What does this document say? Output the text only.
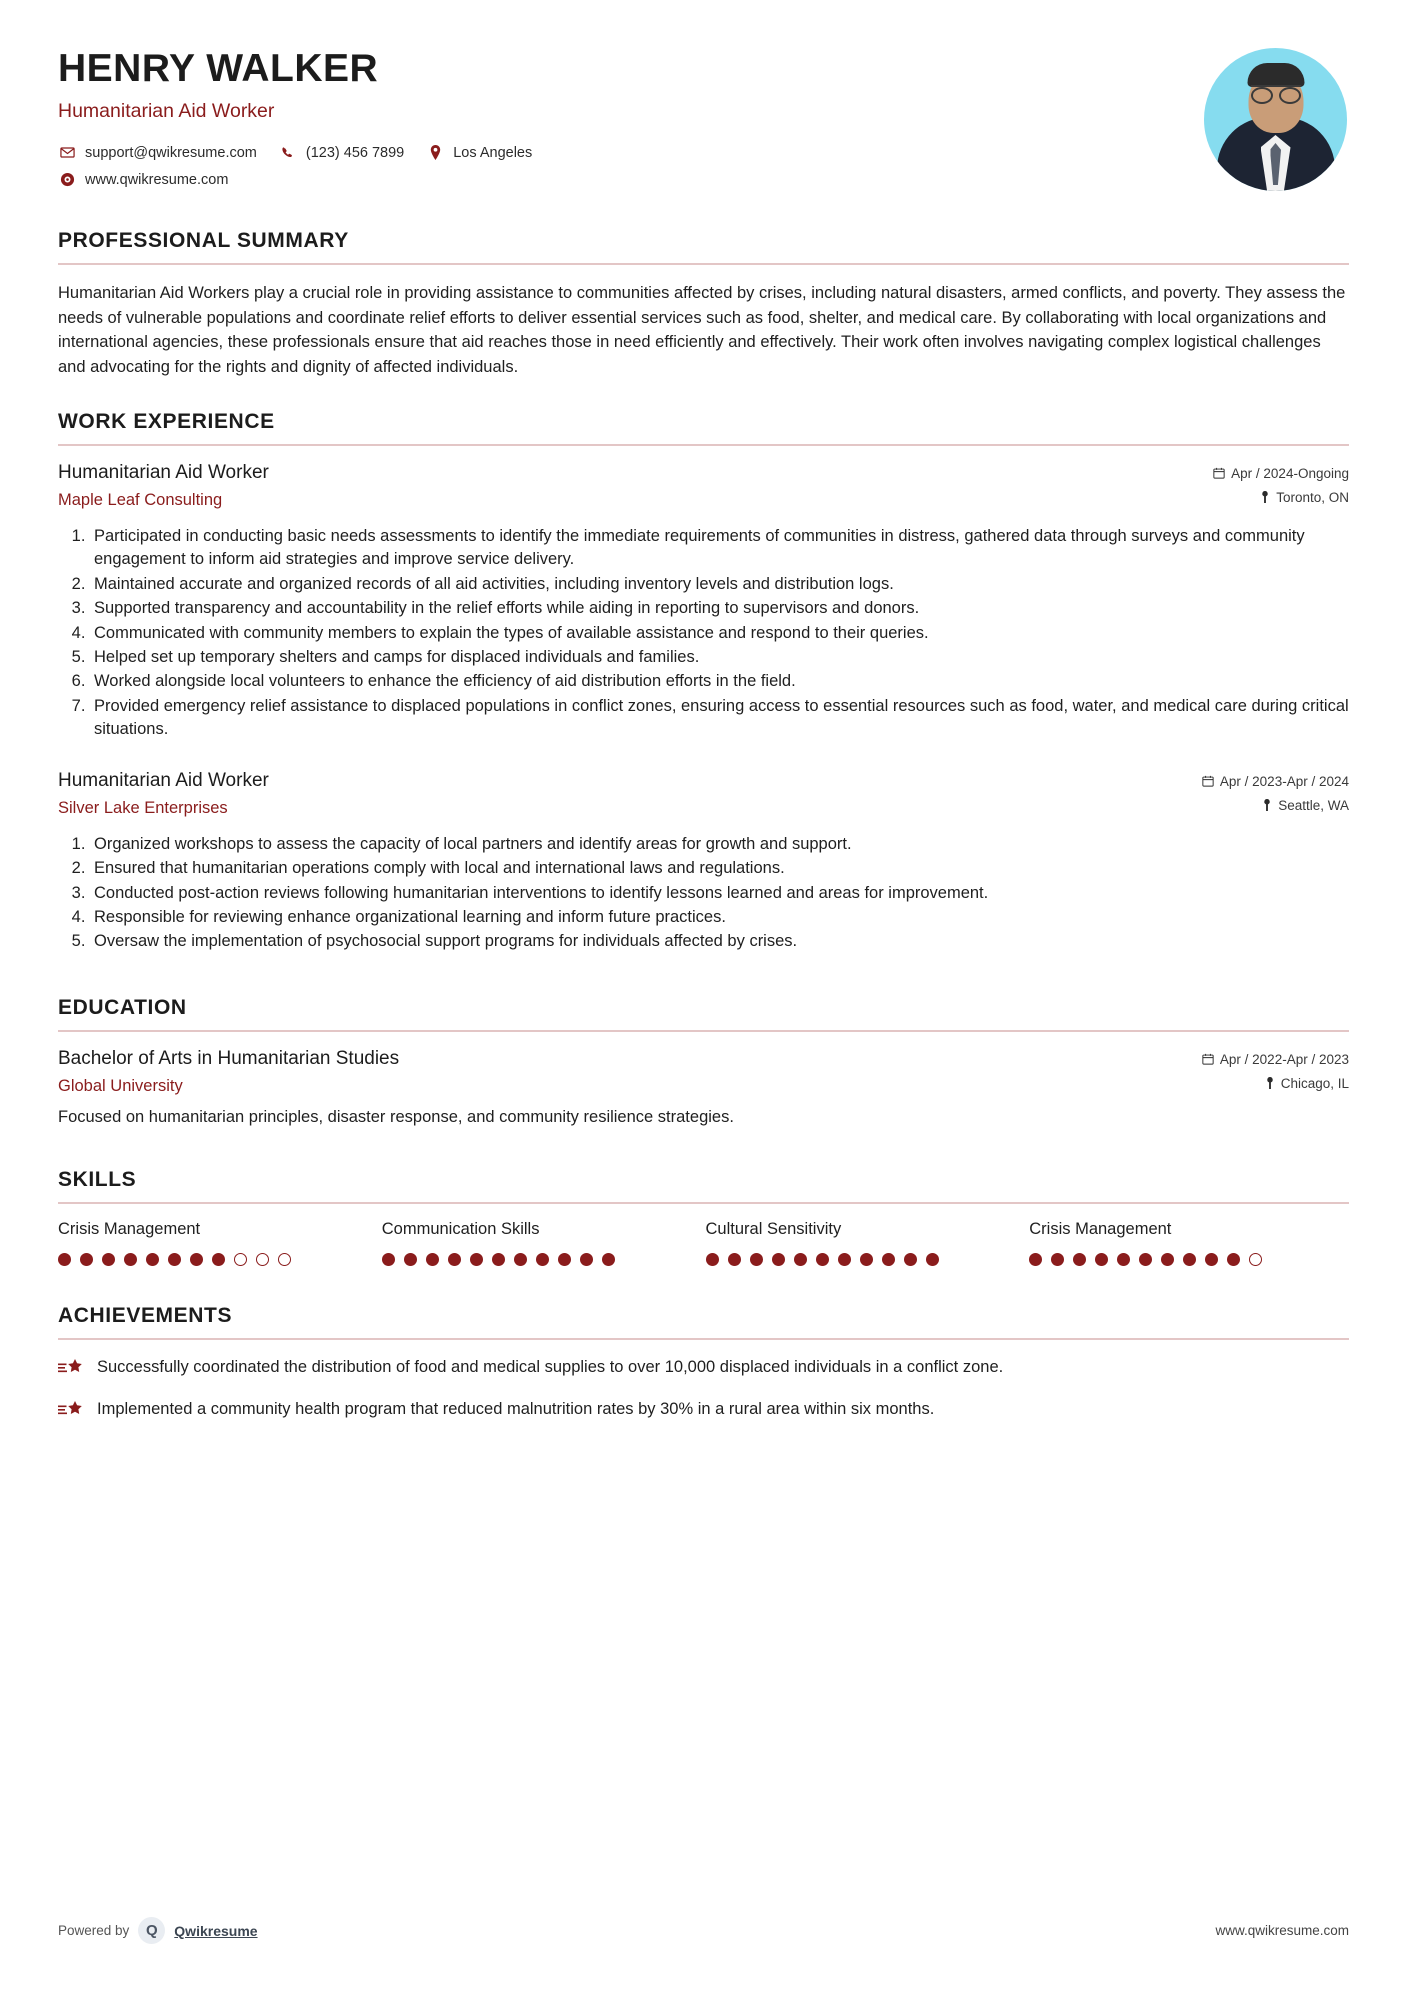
HENRY WALKER
Humanitarian Aid Worker
support@qwikresume.com	(123) 456 7899	Los Angeles
www.qwikresume.com
PROFESSIONAL SUMMARY
Humanitarian Aid Workers play a crucial role in providing assistance to communities affected by crises, including natural disasters, armed conflicts, and poverty. They assess the needs of vulnerable populations and coordinate relief efforts to deliver essential services such as food, shelter, and medical care. By collaborating with local organizations and international agencies, these professionals ensure that aid reaches those in need efficiently and effectively. Their work often involves navigating complex logistical challenges and advocating for the rights and dignity of affected individuals.
WORK EXPERIENCE
Humanitarian Aid Worker
Maple Leaf Consulting
Apr / 2024-Ongoing
Toronto, ON
1. Participated in conducting basic needs assessments to identify the immediate requirements of communities in distress, gathered data through surveys and community engagement to inform aid strategies and improve service delivery.
2. Maintained accurate and organized records of all aid activities, including inventory levels and distribution logs.
3. Supported transparency and accountability in the relief efforts while aiding in reporting to supervisors and donors.
4. Communicated with community members to explain the types of available assistance and respond to their queries.
5. Helped set up temporary shelters and camps for displaced individuals and families.
6. Worked alongside local volunteers to enhance the efficiency of aid distribution efforts in the field.
7. Provided emergency relief assistance to displaced populations in conflict zones, ensuring access to essential resources such as food, water, and medical care during critical situations.
Humanitarian Aid Worker
Silver Lake Enterprises
Apr / 2023-Apr / 2024
Seattle, WA
1. Organized workshops to assess the capacity of local partners and identify areas for growth and support.
2. Ensured that humanitarian operations comply with local and international laws and regulations.
3. Conducted post-action reviews following humanitarian interventions to identify lessons learned and areas for improvement.
4. Responsible for reviewing enhance organizational learning and inform future practices.
5. Oversaw the implementation of psychosocial support programs for individuals affected by crises.
EDUCATION
Bachelor of Arts in Humanitarian Studies
Global University
Apr / 2022-Apr / 2023
Chicago, IL
Focused on humanitarian principles, disaster response, and community resilience strategies.
SKILLS
Crisis Management	Communication Skills	Cultural Sensitivity	Crisis Management
ACHIEVEMENTS
Successfully coordinated the distribution of food and medical supplies to over 10,000 displaced individuals in a conflict zone.
Implemented a community health program that reduced malnutrition rates by 30% in a rural area within six months.
Powered by	Q	Qwikresume	www.qwikresume.com
